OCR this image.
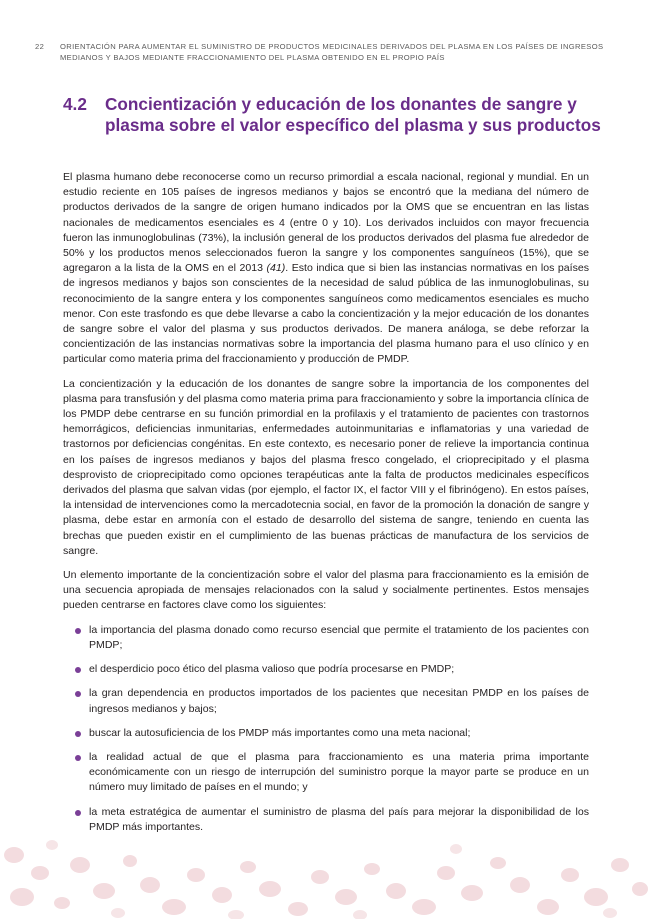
22 ORIENTACIÓN PARA AUMENTAR EL SUMINISTRO DE PRODUCTOS MEDICINALES DERIVADOS DEL PLASMA EN LOS PAÍSES DE INGRESOS MEDIANOS Y BAJOS MEDIANTE FRACCIONAMIENTO DEL PLASMA OBTENIDO EN EL PROPIO PAÍS
4.2 Concientización y educación de los donantes de sangre y plasma sobre el valor específico del plasma y sus productos

El plasma humano debe reconocerse como un recurso primordial a escala nacional, regional y mundial. En un estudio reciente en 105 países de ingresos medianos y bajos se encontró que la mediana del número de productos derivados de la sangre de origen humano indicados por la OMS que se encuentran en las listas nacionales de medicamentos esenciales es 4 (entre 0 y 10). Los derivados incluidos con mayor frecuencia fueron las inmunoglobulinas (73%), la inclusión general de los productos derivados del plasma fue alrededor de 50% y los productos menos seleccionados fueron la sangre y los componentes sanguíneos (15%), que se agregaron a la lista de la OMS en el 2013 (41). Esto indica que si bien las instancias normativas en los países de ingresos medianos y bajos son conscientes de la necesidad de salud pública de las inmunoglobulinas, su reconocimiento de la sangre entera y los componentes sanguíneos como medicamentos esenciales es mucho menor. Con este trasfondo es que debe llevarse a cabo la concientización y la mejor educación de los donantes de sangre sobre el valor del plasma y sus productos derivados. De manera análoga, se debe reforzar la concientización de las instancias normativas sobre la importancia del plasma humano para el uso clínico y en particular como materia prima del fraccionamiento y producción de PMDP.

La concientización y la educación de los donantes de sangre sobre la importancia de los componentes del plasma para transfusión y del plasma como materia prima para fraccionamiento y sobre la importancia clínica de los PMDP debe centrarse en su función primordial en la profilaxis y el tratamiento de pacientes con trastornos hemorrágicos, deficiencias inmunitarias, enfermedades autoinmunitarias e inflamatorias y una variedad de trastornos por deficiencias congénitas. En este contexto, es necesario poner de relieve la importancia continua en los países de ingresos medianos y bajos del plasma fresco congelado, el crioprecipitado y el plasma desprovisto de crioprecipitado como opciones terapéuticas ante la falta de productos medicinales específicos derivados del plasma que salvan vidas (por ejemplo, el factor IX, el factor VIII y el fibrinógeno). En estos países, la intensidad de intervenciones como la mercadotecnia social, en favor de la promoción la donación de sangre y plasma, debe estar en armonía con el estado de desarrollo del sistema de sangre, teniendo en cuenta las brechas que pueden existir en el cumplimiento de las buenas prácticas de manufactura de los servicios de sangre.

Un elemento importante de la concientización sobre el valor del plasma para fraccionamiento es la emisión de una secuencia apropiada de mensajes relacionados con la salud y socialmente pertinentes. Estos mensajes pueden centrarse en factores clave como los siguientes:

la importancia del plasma donado como recurso esencial que permite el tratamiento de los pacientes con PMDP;
el desperdicio poco ético del plasma valioso que podría procesarse en PMDP;
la gran dependencia en productos importados de los pacientes que necesitan PMDP en los países de ingresos medianos y bajos;
buscar la autosuficiencia de los PMDP más importantes como una meta nacional;
la realidad actual de que el plasma para fraccionamiento es una materia prima importante económicamente con un riesgo de interrupción del suministro porque la mayor parte se produce en un número muy limitado de países en el mundo; y
la meta estratégica de aumentar el suministro de plasma del país para mejorar la disponibilidad de los PMDP más importantes.
